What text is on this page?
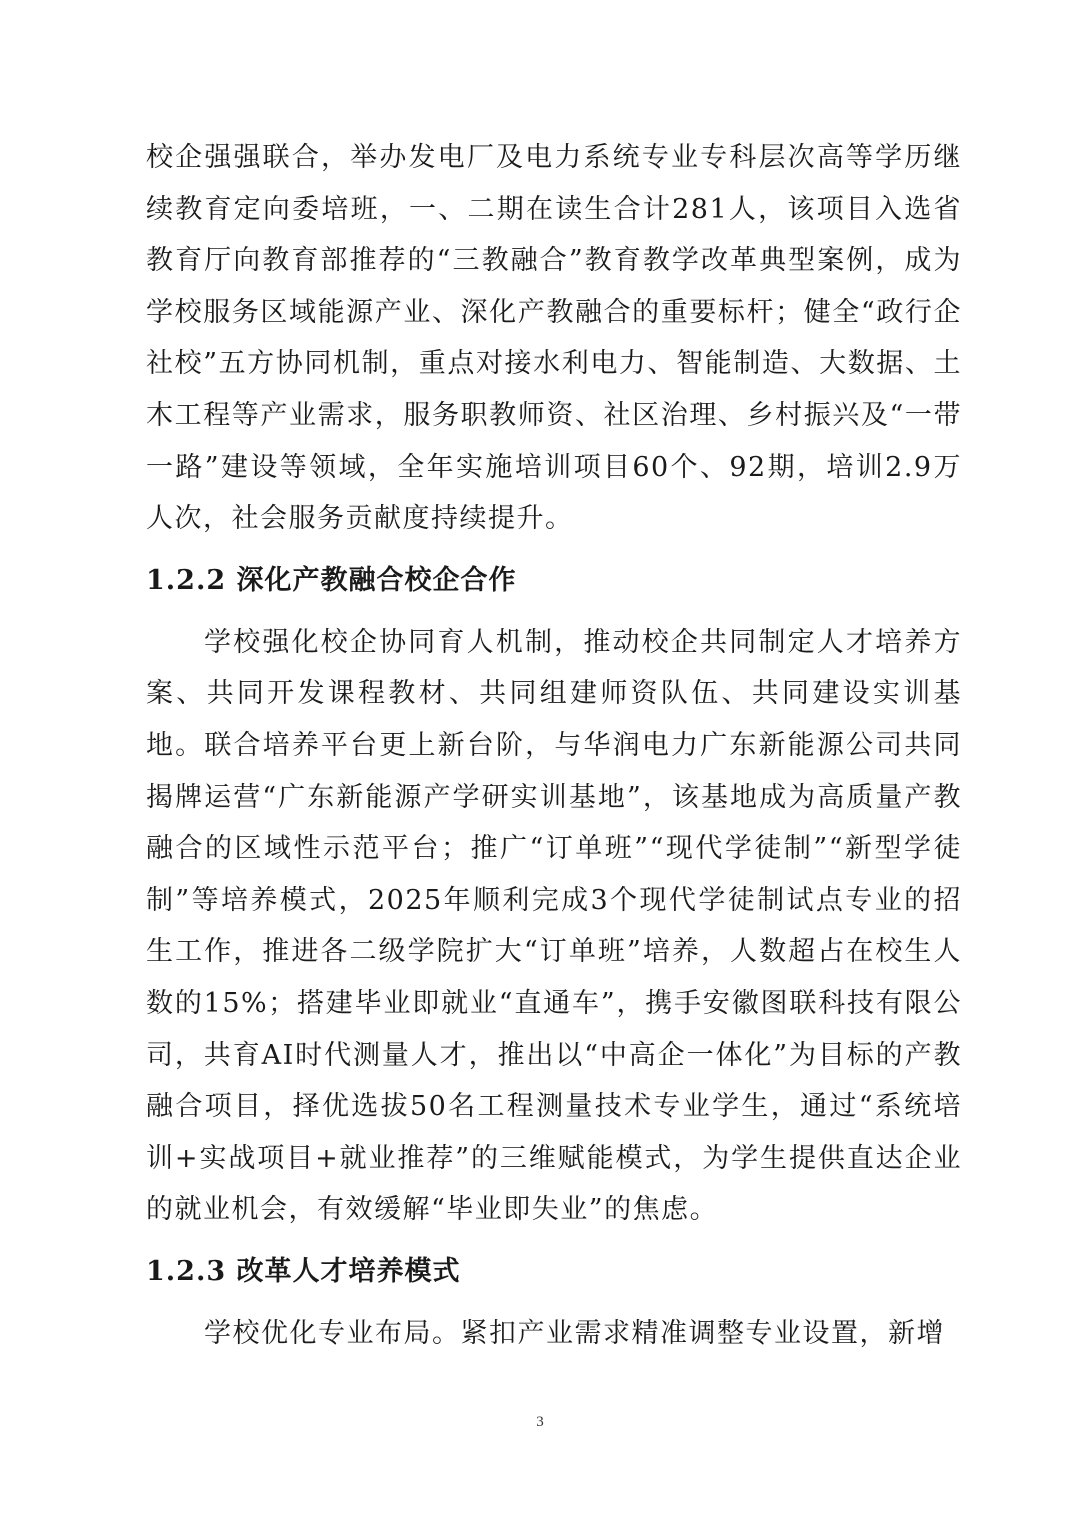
校企强强联合，举办发电厂及电力系统专业专科层次高等学历继续教育定向委培班，一、二期在读生合计281人，该项目入选省教育厅向教育部推荐的“三教融合”教育教学改革典型案例，成为学校服务区域能源产业、深化产教融合的重要标杆；健全“政行企社校”五方协同机制，重点对接水利电力、智能制造、大数据、土木工程等产业需求，服务职教师资、社区治理、乡村振兴及“一带一路”建设等领域，全年实施培训项目60个、92期，培训2.9万人次，社会服务贡献度持续提升。

1.2.2 深化产教融合校企合作

学校强化校企协同育人机制，推动校企共同制定人才培养方案、共同开发课程教材、共同组建师资队伍、共同建设实训基地。联合培养平台更上新台阶，与华润电力广东新能源公司共同揭牌运营“广东新能源产学研实训基地”，该基地成为高质量产教融合的区域性示范平台；推广“订单班”“现代学徒制”“新型学徒制”等培养模式，2025年顺利完成3个现代学徒制试点专业的招生工作，推进各二级学院扩大“订单班”培养，人数超占在校生人数的15%；搭建毕业即就业“直通车”，携手安徽图联科技有限公司，共育AI时代测量人才，推出以“中高企一体化”为目标的产教融合项目，择优选拔50名工程测量技术专业学生，通过“系统培训+实战项目+就业推荐”的三维赋能模式，为学生提供直达企业的就业机会，有效缓解“毕业即失业”的焦虑。

1.2.3 改革人才培养模式

学校优化专业布局。紧扣产业需求精准调整专业设置，新增

3
